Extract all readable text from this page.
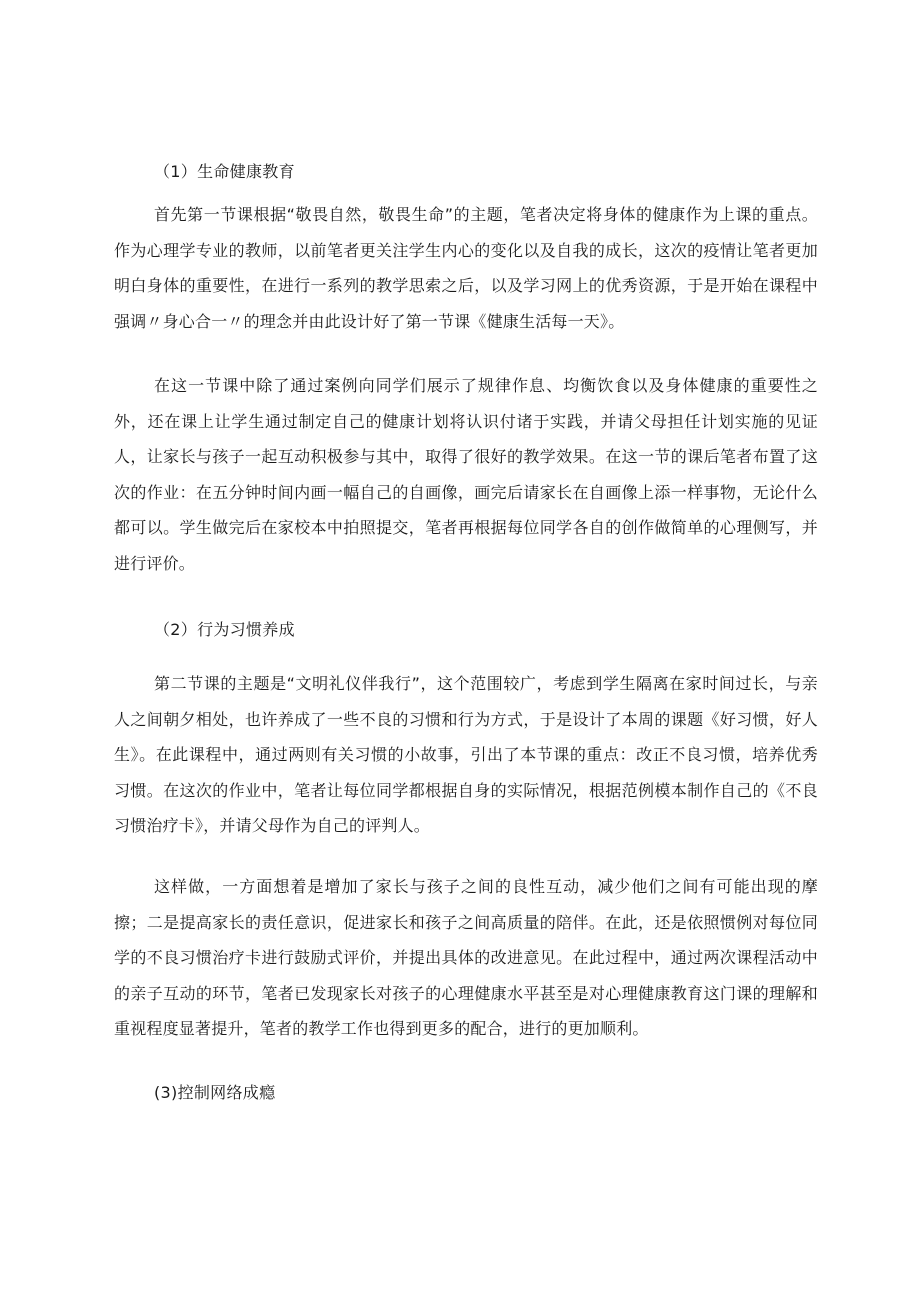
（1）生命健康教育

首先第一节课根据“敬畏自然，敬畏生命”的主题，笔者决定将身体的健康作为上课的重点。作为心理学专业的教师，以前笔者更关注学生内心的变化以及自我的成长，这次的疫情让笔者更加明白身体的重要性，在进行一系列的教学思索之后，以及学习网上的优秀资源，于是开始在课程中强调〃身心合一〃的理念并由此设计好了第一节课《健康生活每一天》。

在这一节课中除了通过案例向同学们展示了规律作息、均衡饮食以及身体健康的重要性之外，还在课上让学生通过制定自己的健康计划将认识付诸于实践，并请父母担任计划实施的见证人，让家长与孩子一起互动积极参与其中，取得了很好的教学效果。在这一节的课后笔者布置了这次的作业：在五分钟时间内画一幅自己的自画像，画完后请家长在自画像上添一样事物，无论什么都可以。学生做完后在家校本中拍照提交，笔者再根据每位同学各自的创作做简单的心理侧写，并进行评价。

（2）行为习惯养成

第二节课的主题是“文明礼仪伴我行”，这个范围较广，考虑到学生隔离在家时间过长，与亲人之间朝夕相处，也许养成了一些不良的习惯和行为方式，于是设计了本周的课题《好习惯，好人生》。在此课程中，通过两则有关习惯的小故事，引出了本节课的重点：改正不良习惯，培养优秀习惯。在这次的作业中，笔者让每位同学都根据自身的实际情况，根据范例模本制作自己的《不良习惯治疗卡》，并请父母作为自己的评判人。

这样做，一方面想着是增加了家长与孩子之间的良性互动，减少他们之间有可能出现的摩擦；二是提高家长的责任意识，促进家长和孩子之间高质量的陪伴。在此，还是依照惯例对每位同学的不良习惯治疗卡进行鼓励式评价，并提出具体的改进意见。在此过程中，通过两次课程活动中的亲子互动的环节，笔者已发现家长对孩子的心理健康水平甚至是对心理健康教育这门课的理解和重视程度显著提升，笔者的教学工作也得到更多的配合，进行的更加顺利。

(3)控制网络成瘾
